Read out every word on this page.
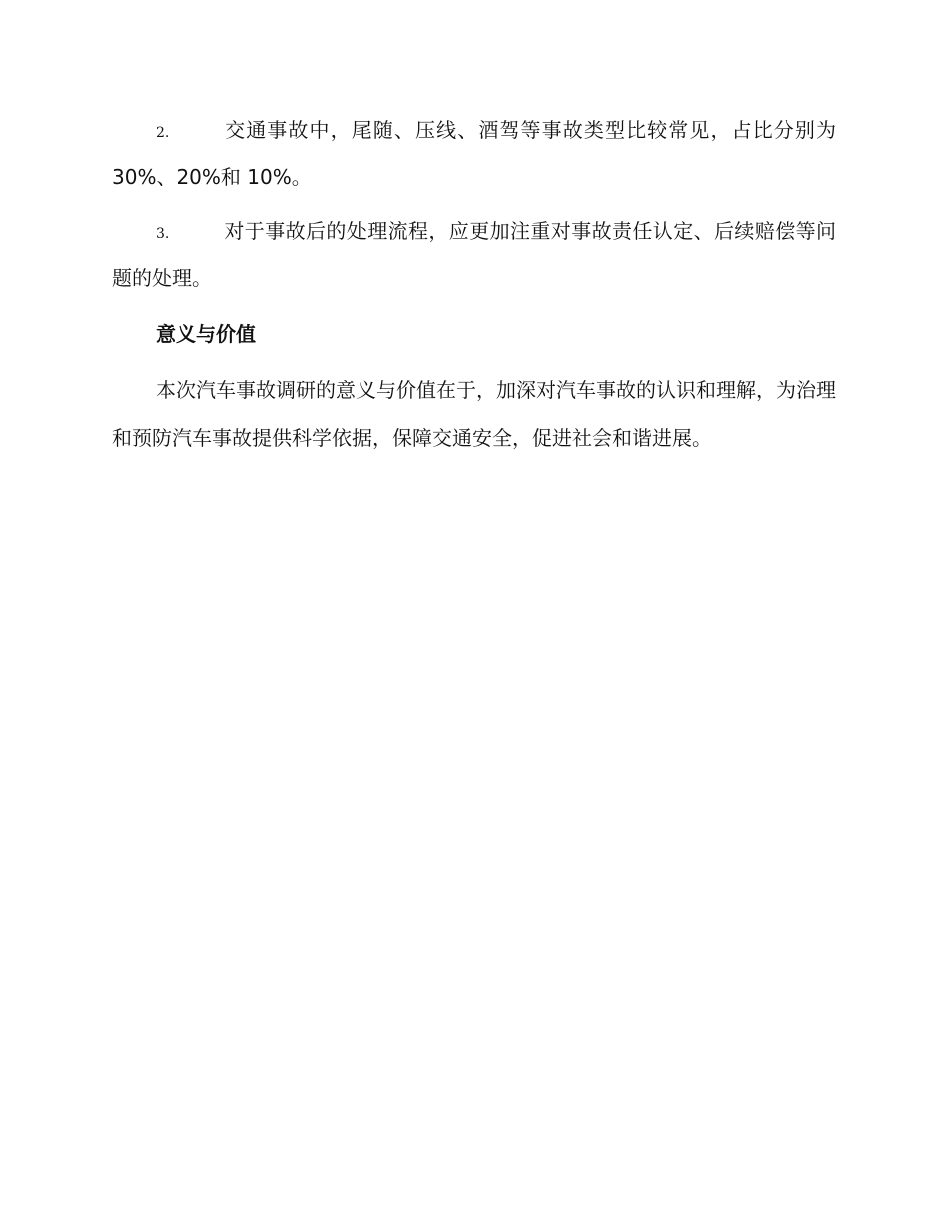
2.	交通事故中，尾随、压线、酒驾等事故类型比较常见，占比分别为 30%、20%和 10%。

3.	对于事故后的处理流程，应更加注重对事故责任认定、后续赔偿等问题的处理。

意义与价值

本次汽车事故调研的意义与价值在于，加深对汽车事故的认识和理解，为治理和预防汽车事故提供科学依据，保障交通安全，促进社会和谐进展。
